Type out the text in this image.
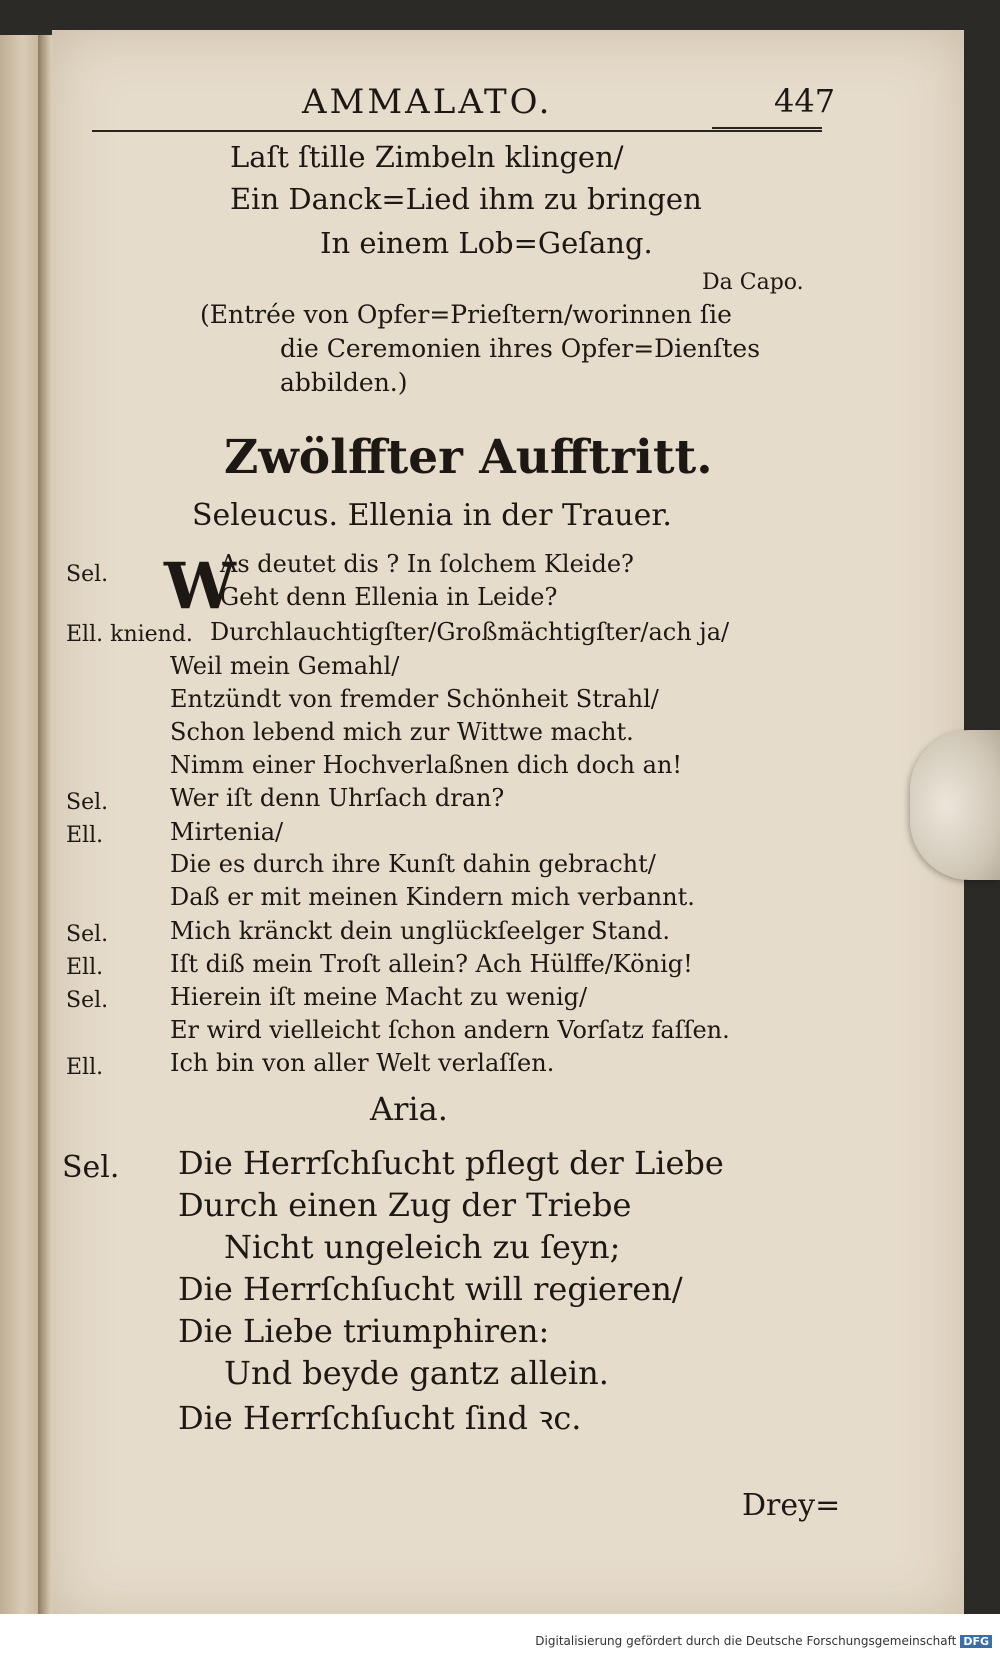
AMMALATO.	447
Laſt ſtille Zimbeln klingen/
Ein Danck=Lied ihm zu bringen
In einem Lob=Geſang.
Da Capo.
(Entrée von Opfer=Prieſtern/worinnen ſie
die Ceremonien ihres Opfer=Dienſtes
abbilden.)
Zwölffter Aufftritt.
Seleucus. Ellenia in der Trauer.
W
Sel.	As deutet dis ? In ſolchem Kleide?
Geht denn Ellenia in Leide?
Ell. kniend. Durchlauchtigſter/Großmächtigſter/ach ja/
Weil mein Gemahl/
Entzündt von fremder Schönheit Strahl/
Schon lebend mich zur Wittwe macht.
Nimm einer Hochverlaßnen dich doch an!
Sel.	Wer iſt denn Uhrſach dran?
Ell.	Mirtenia/
Die es durch ihre Kunſt dahin gebracht/
Daß er mit meinen Kindern mich verbannt.
Sel.	Mich kränckt dein unglückſeelger Stand.
Ell.	Iſt diß mein Troſt allein? Ach Hülffe/König!
Sel.	Hierein iſt meine Macht zu wenig/
Er wird vielleicht ſchon andern Vorſatz faſſen.
Ell.	Ich bin von aller Welt verlaſſen.
Aria.
Sel. Die Herrſchſucht pflegt der Liebe
Durch einen Zug der Triebe
Nicht ungeleich zu ſeyn;
Die Herrſchſucht will regieren/
Die Liebe triumphiren:
Und beyde gantz allein.
Die Herrſchſucht ſind ꝛc.
Drey=
Digitalisierung gefördert durch die Deutsche Forschungsgemeinschaft DFG
